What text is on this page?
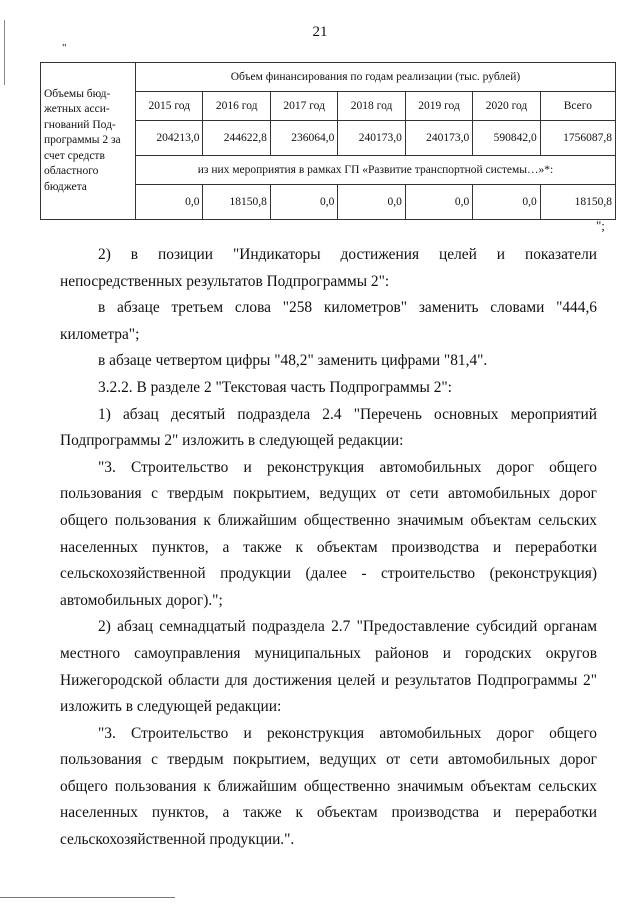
21
"
Объемы бюд-жетных асси-гнований Под-программы 2 за счет средств областного бюджета	Объем финансирования по годам реализации (тыс. рублей)						
	2015 год	2016 год	2017 год	2018 год	2019 год	2020 год	Всего
	204213,0	244622,8	236064,0	240173,0	240173,0	590842,0	1756087,8
	из них мероприятия в рамках ГП «Развитие транспортной системы…»*:						
	0,0	18150,8	0,0	0,0	0,0	0,0	18150,8
";

2) в позиции "Индикаторы достижения целей и показатели непосредственных результатов Подпрограммы 2":

в абзаце третьем слова "258 километров" заменить словами "444,6 километра";

в абзаце четвертом цифры "48,2" заменить цифрами "81,4".

3.2.2. В разделе 2 "Текстовая часть Подпрограммы 2":

1) абзац десятый подраздела 2.4 "Перечень основных мероприятий Подпрограммы 2" изложить в следующей редакции:

"3. Строительство и реконструкция автомобильных дорог общего пользования с твердым покрытием, ведущих от сети автомобильных дорог общего пользования к ближайшим общественно значимым объектам сельских населенных пунктов, а также к объектам производства и переработки сельскохозяйственной продукции (далее - строительство (реконструкция) автомобильных дорог).";

2) абзац семнадцатый подраздела 2.7 "Предоставление субсидий органам местного самоуправления муниципальных районов и городских округов Нижегородской области для достижения целей и результатов Подпрограммы 2" изложить в следующей редакции:

"3. Строительство и реконструкция автомобильных дорог общего пользования с твердым покрытием, ведущих от сети автомобильных дорог общего пользования к ближайшим общественно значимым объектам сельских населенных пунктов, а также к объектам производства и переработки сельскохозяйственной продукции.".
